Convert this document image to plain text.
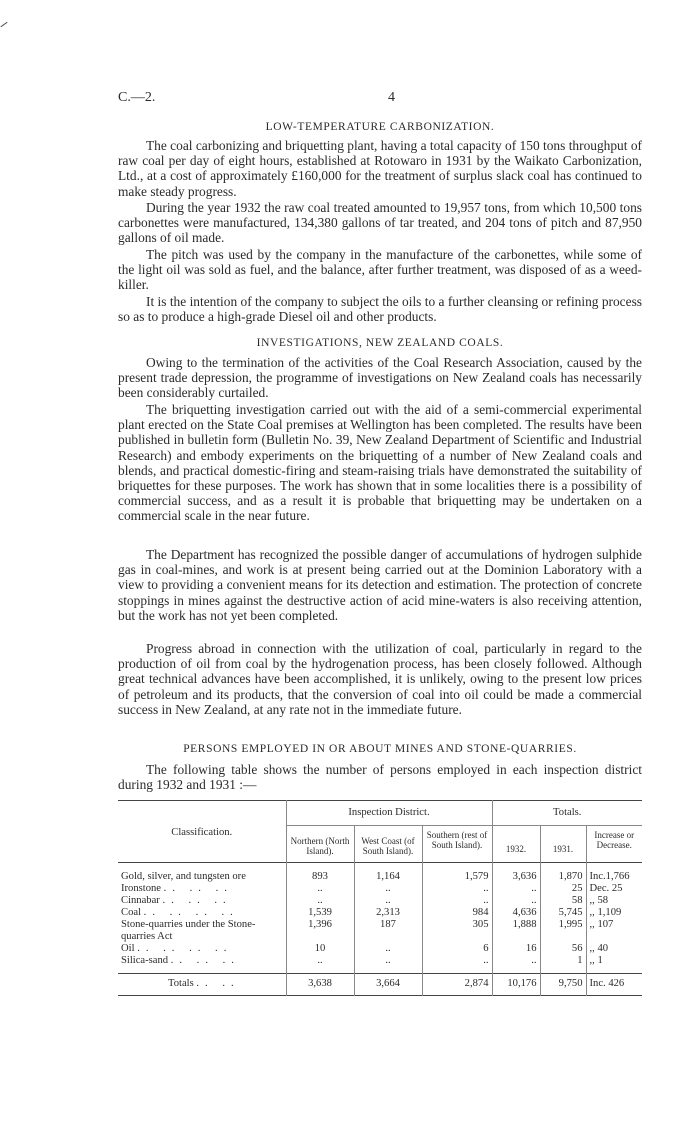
C.—2.	4
LOW-TEMPERATURE CARBONIZATION.

The coal carbonizing and briquetting plant, having a total capacity of 150 tons throughput of raw coal per day of eight hours, established at Rotowaro in 1931 by the Waikato Carbonization, Ltd., at a cost of approximately £160,000 for the treatment of surplus slack coal has continued to make steady progress.

During the year 1932 the raw coal treated amounted to 19,957 tons, from which 10,500 tons carbonettes were manufactured, 134,380 gallons of tar treated, and 204 tons of pitch and 87,950 gallons of oil made.

The pitch was used by the company in the manufacture of the carbonettes, while some of the light oil was sold as fuel, and the balance, after further treatment, was disposed of as a weed-killer.

It is the intention of the company to subject the oils to a further cleansing or refining process so as to produce a high-grade Diesel oil and other products.

INVESTIGATIONS, NEW ZEALAND COALS.

Owing to the termination of the activities of the Coal Research Association, caused by the present trade depression, the programme of investigations on New Zealand coals has necessarily been considerably curtailed.

The briquetting investigation carried out with the aid of a semi-commercial experimental plant erected on the State Coal premises at Wellington has been completed. The results have been published in bulletin form (Bulletin No. 39, New Zealand Department of Scientific and Industrial Research) and embody experiments on the briquetting of a number of New Zealand coals and blends, and practical domestic-firing and steam-raising trials have demonstrated the suitability of briquettes for these purposes. The work has shown that in some localities there is a possibility of commercial success, and as a result it is probable that briquetting may be undertaken on a commercial scale in the near future.

The Department has recognized the possible danger of accumulations of hydrogen sulphide gas in coal-mines, and work is at present being carried out at the Dominion Laboratory with a view to providing a convenient means for its detection and estimation. The protection of concrete stoppings in mines against the destructive action of acid mine-waters is also receiving attention, but the work has not yet been completed.

Progress abroad in connection with the utilization of coal, particularly in regard to the production of oil from coal by the hydrogenation process, has been closely followed. Although great technical advances have been accomplished, it is unlikely, owing to the present low prices of petroleum and its products, that the conversion of coal into oil could be made a commercial success in New Zealand, at any rate not in the immediate future.

PERSONS EMPLOYED IN OR ABOUT MINES AND STONE-QUARRIES.

The following table shows the number of persons employed in each inspection district during 1932 and 1931 :—

Classification.	Inspection District.			Totals.		
	Northern (North Island).	West Coast (of South Island).	Southern (rest of South Island).	1932.	1931.	Increase or Decrease.

Gold, silver, and tungsten ore	893	1,164	1,579	3,636	1,870	Inc.1,766
Ironstone .. .. ..	..	..	..	..	25	Dec. 25
Cinnabar .. .. ..	..	..	..	..	58	,, 58
Coal .. .. .. ..	1,539	2,313	984	4,636	5,745	,, 1,109
Stone-quarries under the Stone-quarries Act	1,396	187	305	1,888	1,995	,, 107
Oil .. .. .. ..	10	..	6	16	56	,, 40
Silica-sand .. .. ..	..	..	..	..	1	,, 1

Totals .. ..	3,638	3,664	2,874	10,176	9,750	Inc. 426
